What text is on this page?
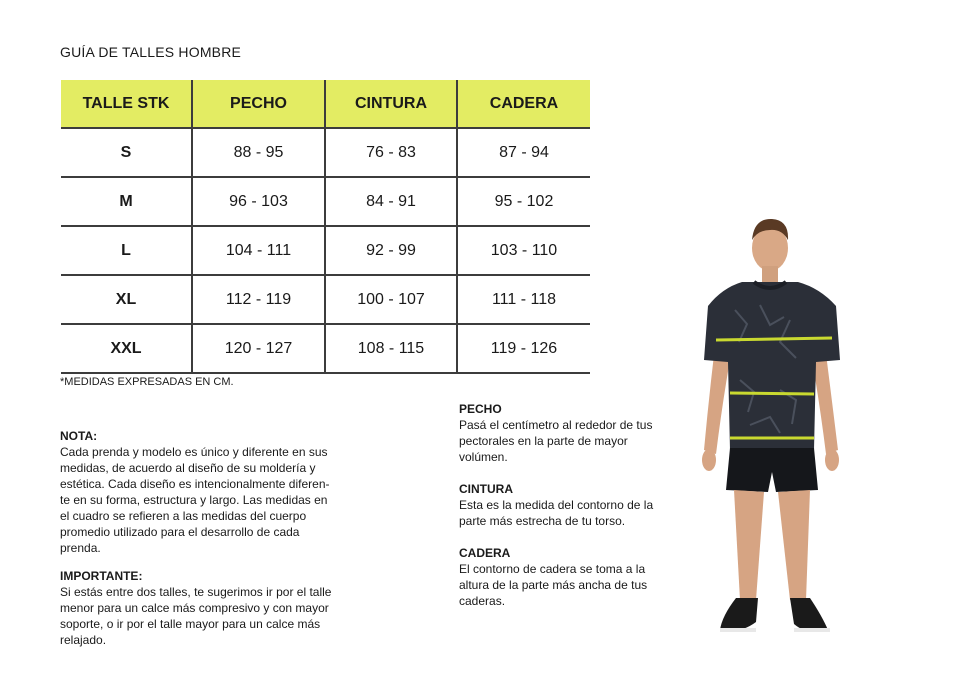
GUÍA DE TALLES HOMBRE
TALLE STK	PECHO	CINTURA	CADERA
S	88 - 95	76 - 83	87 - 94
M	96 - 103	84 - 91	95 - 102
L	104 - 111	92 - 99	103 - 110
XL	112 - 119	100 - 107	111 - 118
XXL	120 - 127	108 - 115	119 - 126
*MEDIDAS EXPRESADAS EN CM.
NOTA:
Cada prenda y modelo es único y diferente en sus
medidas, de acuerdo al diseño de su moldería y
estética. Cada diseño es intencionalmente diferen-
te en su forma, estructura y largo. Las medidas en
el cuadro se refieren a las medidas del cuerpo
promedio utilizado para el desarrollo de cada
prenda.
IMPORTANTE:
Si estás entre dos talles, te sugerimos ir por el talle
menor para un calce más compresivo y con mayor
soporte, o ir por el talle mayor para un calce más
relajado.
PECHO
Pasá el centímetro al rededor de tus
pectorales en la parte de mayor
volúmen.
CINTURA
Esta es la medida del contorno de la
parte más estrecha de tu torso.
CADERA
El contorno de cadera se toma a la
altura de la parte más ancha de tus
caderas.
